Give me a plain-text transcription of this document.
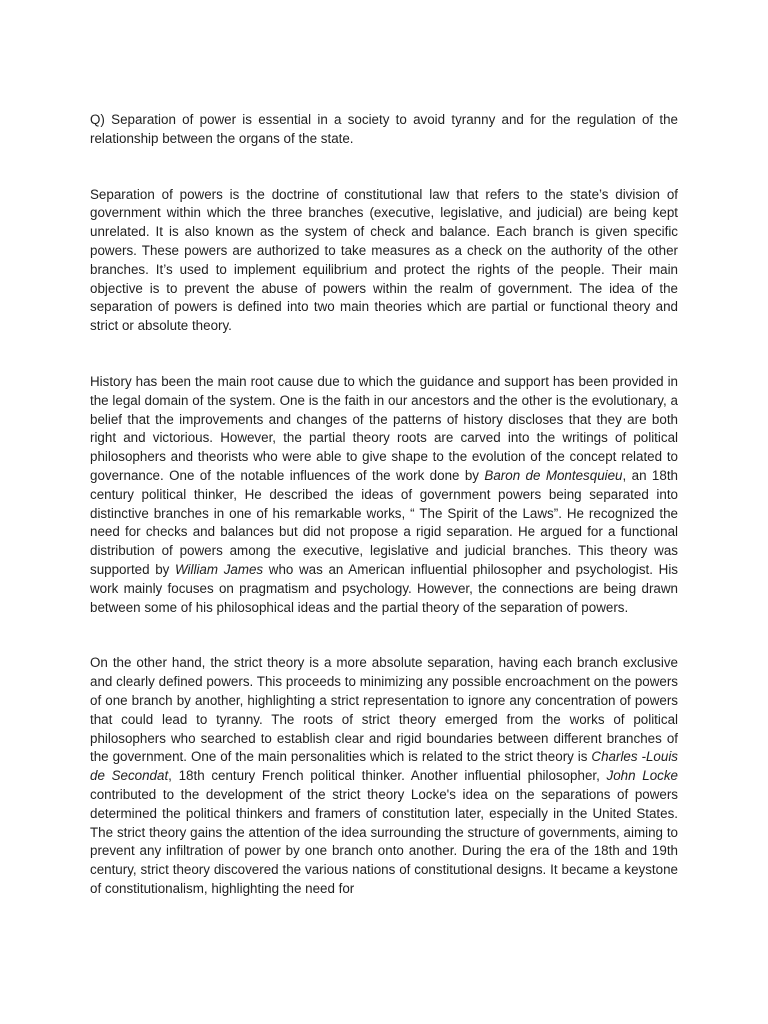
Q) Separation of power is essential in a society to avoid tyranny and for the regulation of the relationship between the organs of the state.

Separation of powers is the doctrine of constitutional law that refers to the state’s division of government within which the three branches (executive, legislative, and judicial) are being kept unrelated. It is also known as the system of check and balance. Each branch is given specific powers. These powers are authorized to take measures as a check on the authority of the other branches. It’s used to implement equilibrium and protect the rights of the people. Their main objective is to prevent the abuse of powers within the realm of government. The idea of the separation of powers is defined into two main theories which are partial or functional theory and strict or absolute theory.

History has been the main root cause due to which the guidance and support has been provided in the legal domain of the system. One is the faith in our ancestors and the other is the evolutionary, a belief that the improvements and changes of the patterns of history discloses that they are both right and victorious. However, the partial theory roots are carved into the writings of political philosophers and theorists who were able to give shape to the evolution of the concept related to governance. One of the notable influences of the work done by Baron de Montesquieu, an 18th century political thinker, He described the ideas of government powers being separated into distinctive branches in one of his remarkable works, “ The Spirit of the Laws”. He recognized the need for checks and balances but did not propose a rigid separation. He argued for a functional distribution of powers among the executive, legislative and judicial branches. This theory was supported by William James who was an American influential philosopher and psychologist. His work mainly focuses on pragmatism and psychology. However, the connections are being drawn between some of his philosophical ideas and the partial theory of the separation of powers.

On the other hand, the strict theory is a more absolute separation, having each branch exclusive and clearly defined powers. This proceeds to minimizing any possible encroachment on the powers of one branch by another, highlighting a strict representation to ignore any concentration of powers that could lead to tyranny. The roots of strict theory emerged from the works of political philosophers who searched to establish clear and rigid boundaries between different branches of the government. One of the main personalities which is related to the strict theory is Charles -Louis de Secondat, 18th century French political thinker. Another influential philosopher, John Locke contributed to the development of the strict theory Locke's idea on the separations of powers determined the political thinkers and framers of constitution later, especially in the United States. The strict theory gains the attention of the idea surrounding the structure of governments, aiming to prevent any infiltration of power by one branch onto another. During the era of the 18th and 19th century, strict theory discovered the various nations of constitutional designs. It became a keystone of constitutionalism, highlighting the need for
